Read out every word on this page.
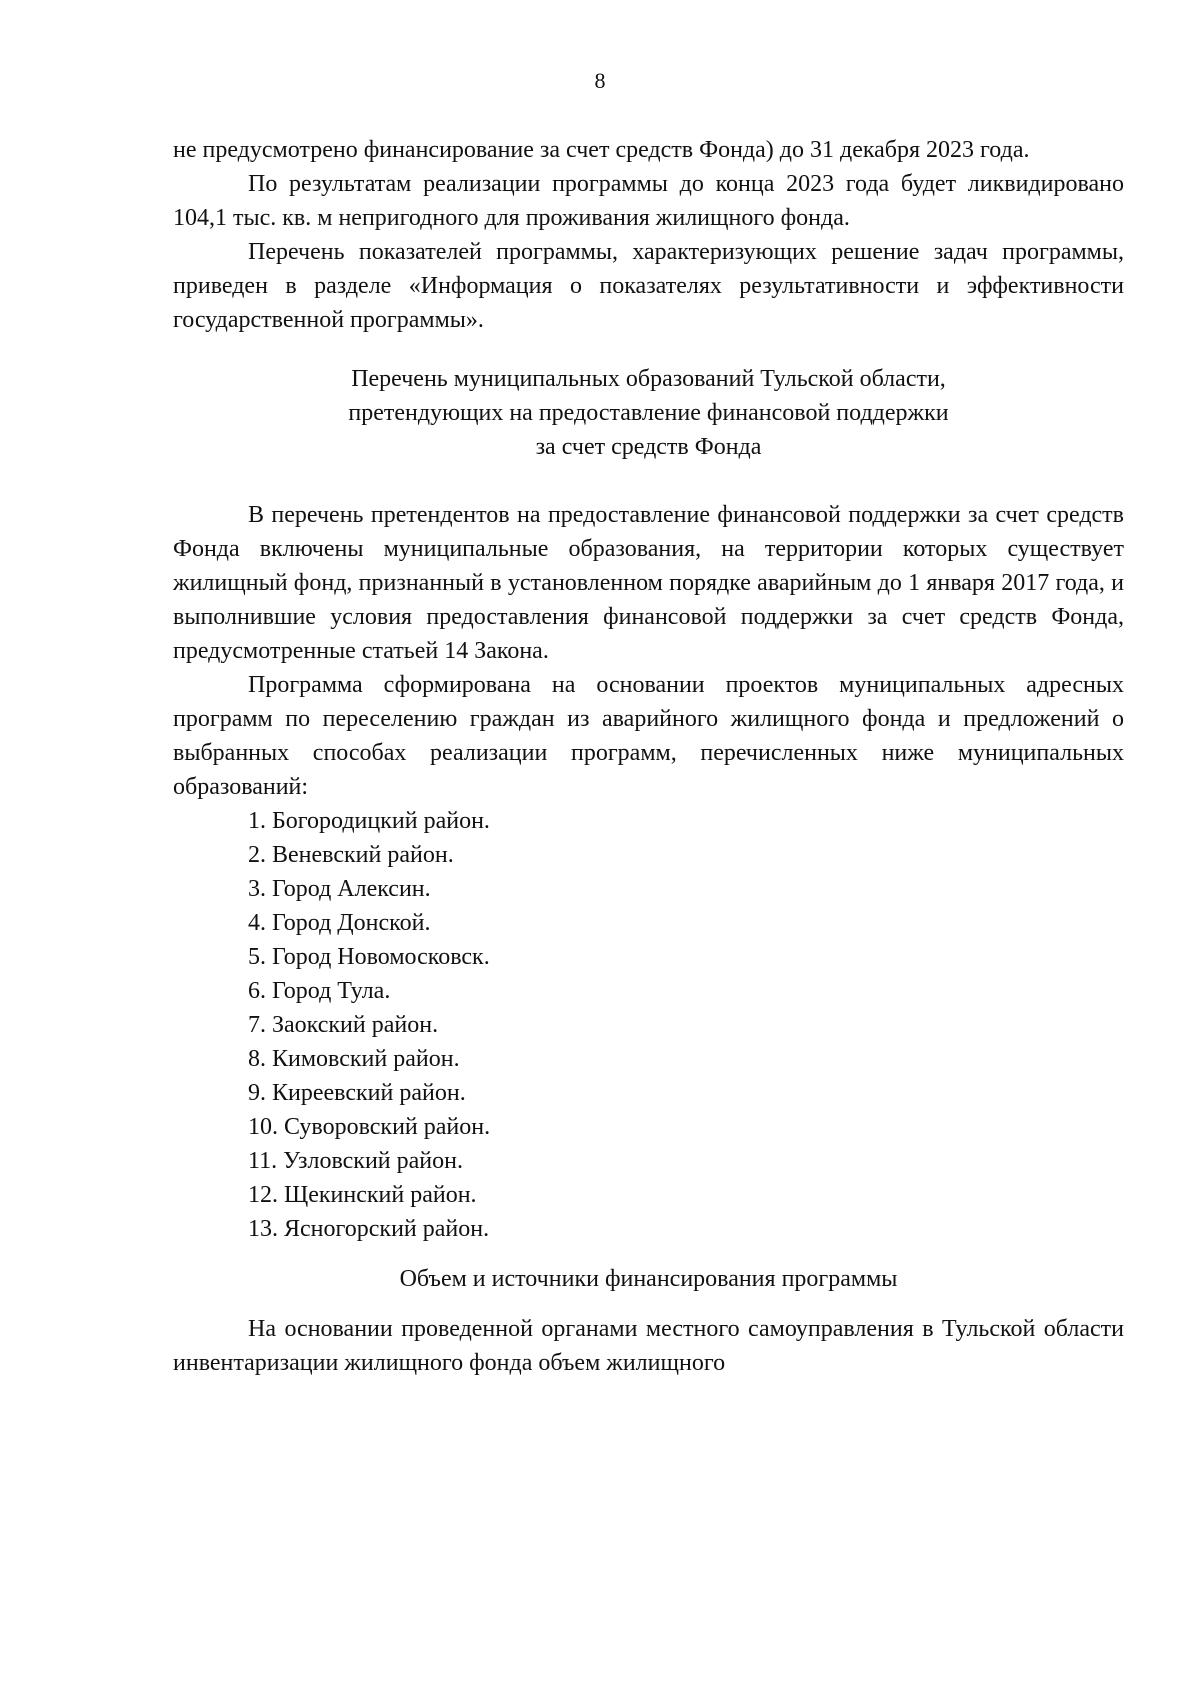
8

не предусмотрено финансирование за счет средств Фонда) до 31 декабря 2023 года.

По результатам реализации программы до конца 2023 года будет ликвидировано 104,1 тыс. кв. м непригодного для проживания жилищного фонда.

Перечень показателей программы, характеризующих решение задач программы, приведен в разделе «Информация о показателях результативности и эффективности государственной программы».

Перечень муниципальных образований Тульской области,
претендующих на предоставление финансовой поддержки
за счет средств Фонда

В перечень претендентов на предоставление финансовой поддержки за счет средств Фонда включены муниципальные образования, на территории которых существует жилищный фонд, признанный в установленном порядке аварийным до 1 января 2017 года, и выполнившие условия предоставления финансовой поддержки за счет средств Фонда, предусмотренные статьей 14 Закона.

Программа сформирована на основании проектов муниципальных адресных программ по переселению граждан из аварийного жилищного фонда и предложений о выбранных способах реализации программ, перечисленных ниже муниципальных образований:

1. Богородицкий район.
2. Веневский район.
3. Город Алексин.
4. Город Донской.
5. Город Новомосковск.
6. Город Тула.
7. Заокский район.
8. Кимовский район.
9. Киреевский район.
10. Суворовский район.
11. Узловский район.
12. Щекинский район.
13. Ясногорский район.
Объем и источники финансирования программы

На основании проведенной органами местного самоуправления в Тульской области инвентаризации жилищного фонда объем жилищного
